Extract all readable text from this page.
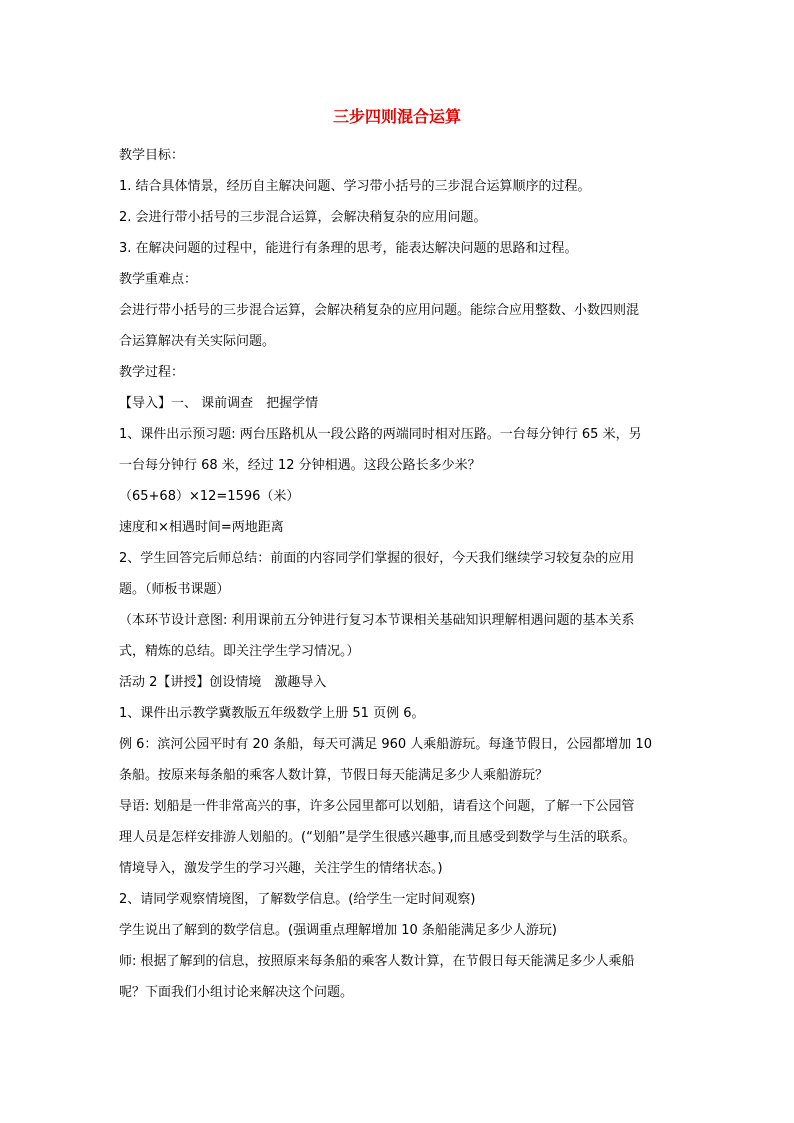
三步四则混合运算
教学目标：
1. 结合具体情景，经历自主解决问题、学习带小括号的三步混合运算顺序的过程。
2. 会进行带小括号的三步混合运算，会解决稍复杂的应用问题。
3. 在解决问题的过程中，能进行有条理的思考，能表达解决问题的思路和过程。
教学重难点：
会进行带小括号的三步混合运算，会解决稍复杂的应用问题。能综合应用整数、小数四则混
合运算解决有关实际问题。
教学过程：
【导入】一、 课前调查　把握学情
1、课件出示预习题: 两台压路机从一段公路的两端同时相对压路。一台每分钟行 65 米，另
一台每分钟行 68 米，经过 12 分钟相遇。这段公路长多少米？
（65+68）×12=1596（米）
速度和×相遇时间=两地距离
2、学生回答完后师总结：前面的内容同学们掌握的很好，今天我们继续学习较复杂的应用
题。（师板书课题）
（本环节设计意图: 利用课前五分钟进行复习本节课相关基础知识理解相遇问题的基本关系
式，精炼的总结。即关注学生学习情况。）
活动 2【讲授】创设情境　激趣导入
1、课件出示教学冀教版五年级数学上册 51 页例 6。
例 6：滨河公园平时有 20 条船，每天可满足 960 人乘船游玩。每逢节假日，公园都增加 10
条船。按原来每条船的乘客人数计算，节假日每天能满足多少人乘船游玩？
导语: 划船是一件非常高兴的事，许多公园里都可以划船，请看这个问题，了解一下公园管
理人员是怎样安排游人划船的。(“划船”是学生很感兴趣事,而且感受到数学与生活的联系。
情境导入，激发学生的学习兴趣，关注学生的情绪状态。)
2、请同学观察情境图，了解数学信息。(给学生一定时间观察)
学生说出了解到的数学信息。(强调重点理解增加 10 条船能满足多少人游玩)
师: 根据了解到的信息，按照原来每条船的乘客人数计算，在节假日每天能满足多少人乘船
呢？下面我们小组讨论来解决这个问题。
